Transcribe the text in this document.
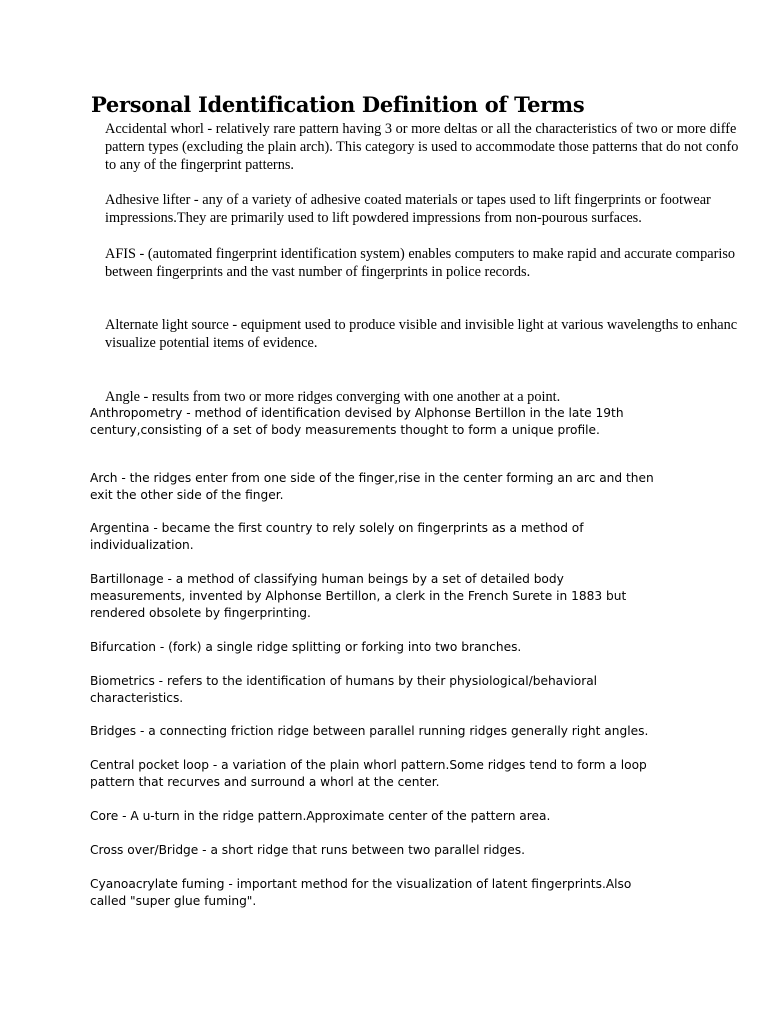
Personal Identification Definition of Terms
Accidental whorl - relatively rare pattern having 3 or more deltas or all the characteristics of two or more diffe
pattern types (excluding the plain arch). This category is used to accommodate those patterns that do not confo
to any of the fingerprint patterns.
Adhesive lifter - any of a variety of adhesive coated materials or tapes used to lift fingerprints or footwear
impressions.They are primarily used to lift powdered impressions from non-pourous surfaces.
AFIS - (automated fingerprint identification system) enables computers to make rapid and accurate compariso
between fingerprints and the vast number of fingerprints in police records.
Alternate light source - equipment used to produce visible and invisible light at various wavelengths to enhanc
visualize potential items of evidence.
Angle - results from two or more ridges converging with one another at a point.
Anthropometry - method of identification devised by Alphonse Bertillon in the late 19th
century,consisting of a set of body measurements thought to form a unique profile.
Arch - the ridges enter from one side of the finger,rise in the center forming an arc and then
exit the other side of the finger.
Argentina - became the first country to rely solely on fingerprints as a method of
individualization.
Bartillonage - a method of classifying human beings by a set of detailed body
measurements, invented by Alphonse Bertillon, a clerk in the French Surete in 1883 but
rendered obsolete by fingerprinting.
Bifurcation - (fork) a single ridge splitting or forking into two branches.
Biometrics - refers to the identification of humans by their physiological/behavioral
characteristics.
Bridges - a connecting friction ridge between parallel running ridges generally right angles.
Central pocket loop - a variation of the plain whorl pattern.Some ridges tend to form a loop
pattern that recurves and surround a whorl at the center.
Core - A u-turn in the ridge pattern.Approximate center of the pattern area.
Cross over/Bridge - a short ridge that runs between two parallel ridges.
Cyanoacrylate fuming - important method for the visualization of latent fingerprints.Also
called "super glue fuming".
